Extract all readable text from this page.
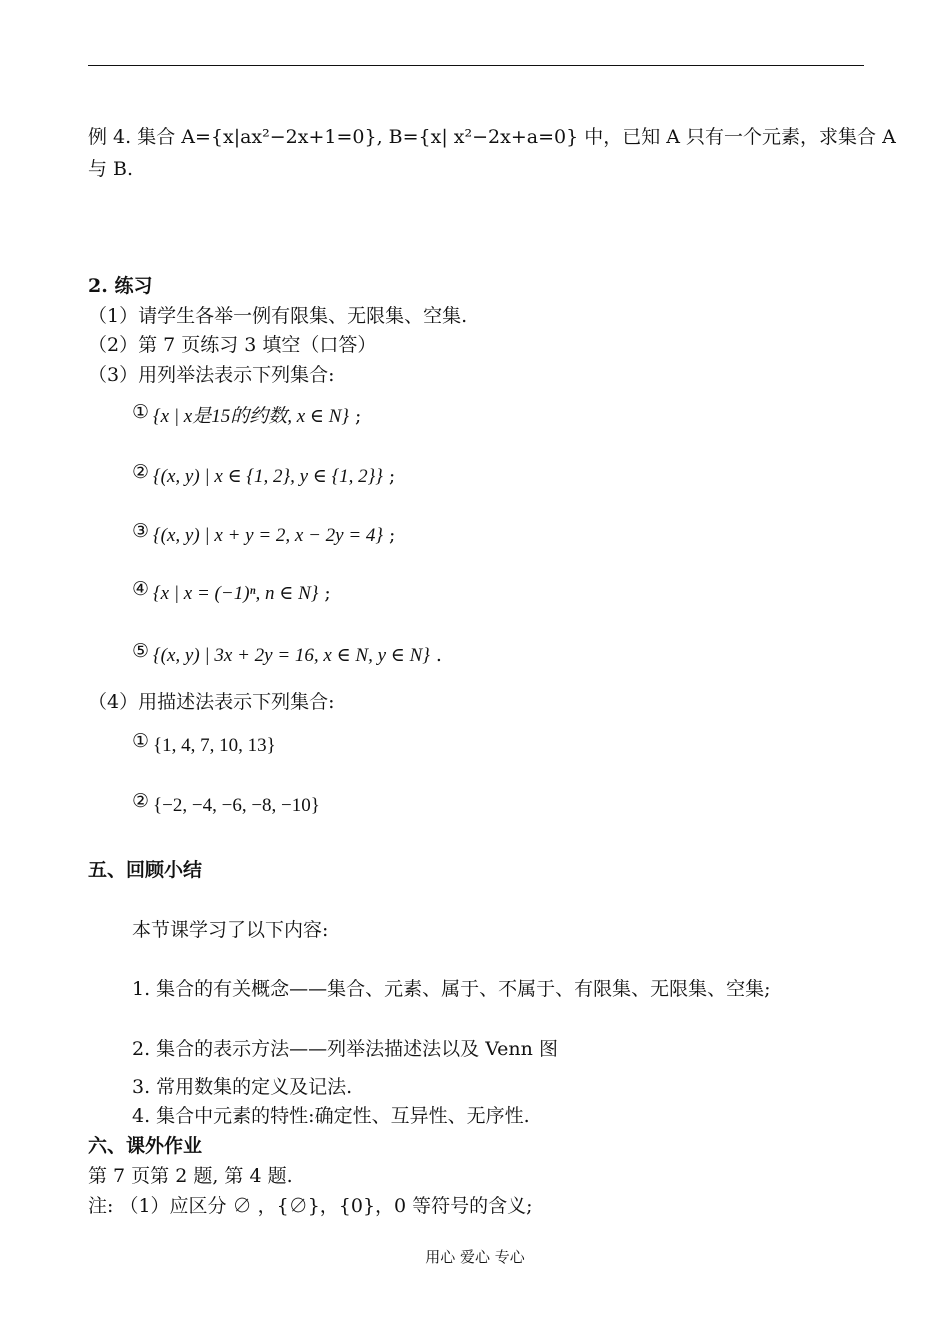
例 4. 集合 A={x|ax²−2x+1=0}, B={x| x²−2x+a=0} 中，已知 A 只有一个元素，求集合 A
与 B.
2. 练习
（1）请学生各举一例有限集、无限集、空集.
（2）第 7 页练习 3 填空（口答）
（3）用列举法表示下列集合:
① {x | x是15的约数, x ∈ N} ;
② {(x, y) | x ∈ {1, 2}, y ∈ {1, 2}} ;
③ {(x, y) | x + y = 2, x − 2y = 4} ;
④ {x | x = (−1)ⁿ, n ∈ N} ;
⑤ {(x, y) | 3x + 2y = 16, x ∈ N, y ∈ N} .
（4）用描述法表示下列集合:
① {1, 4, 7, 10, 13}
② {−2, −4, −6, −8, −10}
五、回顾小结
本节课学习了以下内容:
1. 集合的有关概念——集合、元素、属于、不属于、有限集、无限集、空集;
2. 集合的表示方法——列举法描述法以及 Venn 图
3. 常用数集的定义及记法.
4. 集合中元素的特性:确定性、互异性、无序性.
六、课外作业
第 7 页第 2 题, 第 4 题.
注: （1）应区分 ∅ ，{∅}，{0}，0 等符号的含义;
用心 爱心 专心
